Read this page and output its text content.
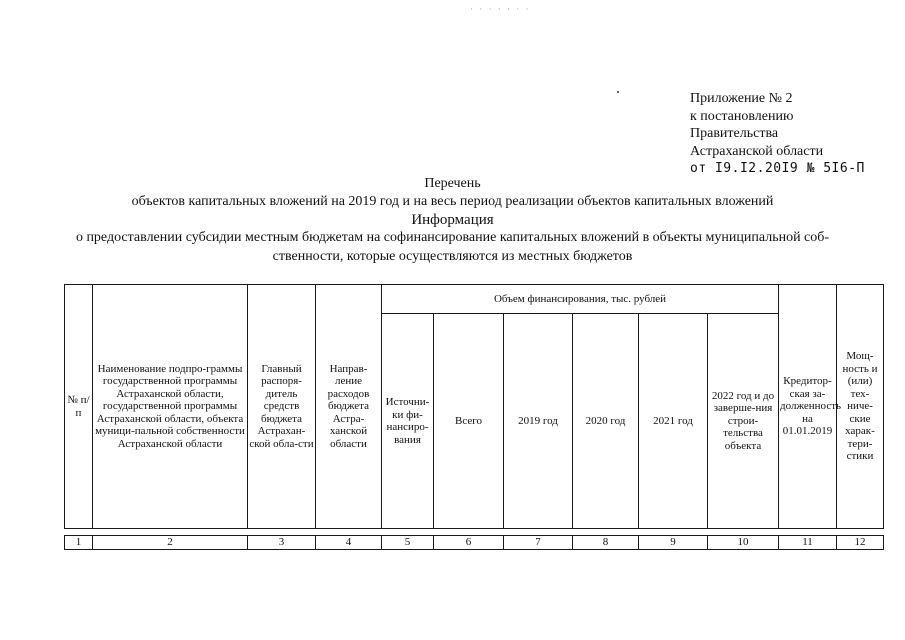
· · · · · · ·
Приложение № 2
к постановлению
Правительства
Астраханской области
от I9.I2.20I9 № 5I6-П
Перечень
объектов капитальных вложений на 2019 год и на весь период реализации объектов капитальных вложений
Информация
о предоставлении субсидии местным бюджетам на софинансирование капитальных вложений в объекты муниципальной соб-
ственности, которые осуществляются из местных бюджетов
№ п/п	Наименование подпро-граммы государственной программы Астраханской области, государственной программы Астраханской области, объекта муници-пальной собственности Астраханской области	Главный распоря-дитель средств бюджета Астрахан-ской обла-сти	Направ-ление расходов бюджета Астра-ханской области	Объем финансирования, тыс. рублей						Кредитор-ская за-долженность на 01.01.2019	Мощ-ность и (или) тех-ниче-ские харак-тери-стики
				Источни-ки фи-нансиро-вания	Всего	2019 год	2020 год	2021 год	2022 год и до заверше-ния строи-тельства объекта		

1	2	3	4	5	6	7	8	9	10	11	12
